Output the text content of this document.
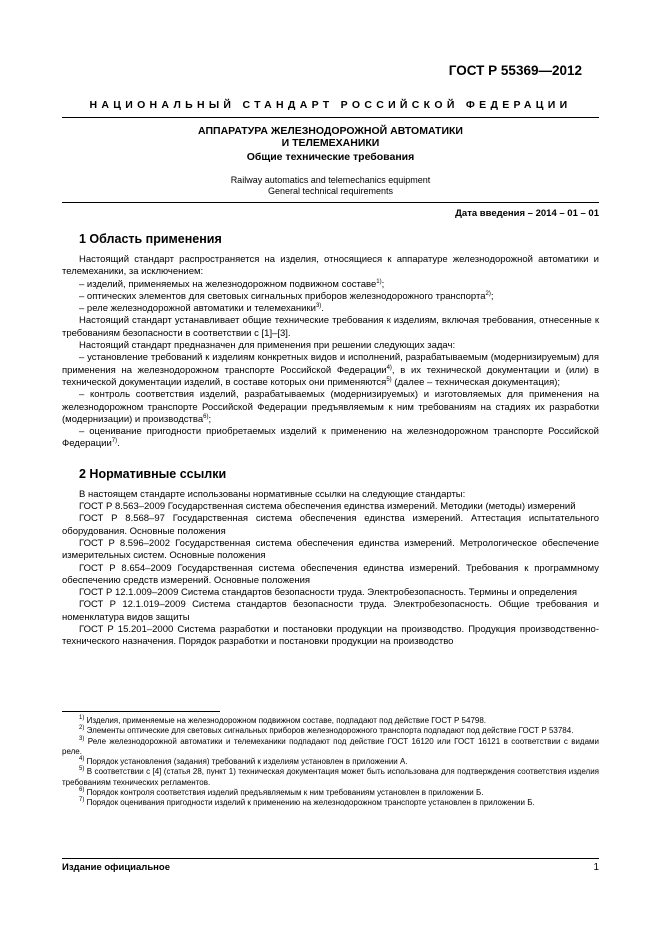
ГОСТ Р 55369—2012
НАЦИОНАЛЬНЫЙ СТАНДАРТ РОССИЙСКОЙ ФЕДЕРАЦИИ
АППАРАТУРА ЖЕЛЕЗНОДОРОЖНОЙ АВТОМАТИКИ
И ТЕЛЕМЕХАНИКИ
Общие технические требования
Railway automatics and telemechanics equipment
General technical requirements
Дата введения – 2014 – 01 – 01
1 Область применения

Настоящий стандарт распространяется на изделия, относящиеся к аппаратуре железнодорожной автоматики и телемеханики, за исключением:

– изделий, применяемых на железнодорожном подвижном составе$^{1)}$;

– оптических элементов для световых сигнальных приборов железнодорожного транспорта$^{2)}$;

– реле железнодорожной автоматики и телемеханики$^{3)}$.

Настоящий стандарт устанавливает общие технические требования к изделиям, включая требования, отнесенные к требованиям безопасности в соответствии с [1]–[3].

Настоящий стандарт предназначен для применения при решении следующих задач:

– установление требований к изделиям конкретных видов и исполнений, разрабатываемым (модернизируемым) для применения на железнодорожном транспорте Российской Федерации$^{4)}$, в их технической документации и (или) в технической документации изделий, в составе которых они применяются$^{5)}$ (далее – техническая документация);

– контроль соответствия изделий, разрабатываемых (модернизируемых) и изготовляемых для применения на железнодорожном транспорте Российской Федерации предъявляемым к ним требованиям на стадиях их разработки (модернизации) и производства$^{6)}$;

– оценивание пригодности приобретаемых изделий к применению на железнодорожном транспорте Российской Федерации$^{7)}$.

2 Нормативные ссылки

В настоящем стандарте использованы нормативные ссылки на следующие стандарты:

ГОСТ Р 8.563–2009 Государственная система обеспечения единства измерений. Методики (методы) измерений

ГОСТ Р 8.568–97 Государственная система обеспечения единства измерений. Аттестация испытательного оборудования. Основные положения

ГОСТ Р 8.596–2002 Государственная система обеспечения единства измерений. Метрологическое обеспечение измерительных систем. Основные положения

ГОСТ Р 8.654–2009 Государственная система обеспечения единства измерений. Требования к программному обеспечению средств измерений. Основные положения

ГОСТ Р 12.1.009–2009 Система стандартов безопасности труда. Электробезопасность. Термины и определения

ГОСТ Р 12.1.019–2009 Система стандартов безопасности труда. Электробезопасность. Общие требования и номенклатура видов защиты

ГОСТ Р 15.201–2000 Система разработки и постановки продукции на производство. Продукция производственно-технического назначения. Порядок разработки и постановки продукции на производство

$^{1)}$ Изделия, применяемые на железнодорожном подвижном составе, подпадают под действие ГОСТ Р 54798.

$^{2)}$ Элементы оптические для световых сигнальных приборов железнодорожного транспорта подпадают под действие ГОСТ Р 53784.

$^{3)}$ Реле железнодорожной автоматики и телемеханики подпадают под действие ГОСТ 16120 или ГОСТ 16121 в соответствии с видами реле.

$^{4)}$ Порядок установления (задания) требований к изделиям установлен в приложении А.

$^{5)}$ В соответствии с [4] (статья 28, пункт 1) техническая документация может быть использована для подтверждения соответствия изделия требованиям технических регламентов.

$^{6)}$ Порядок контроля соответствия изделий предъявляемым к ним требованиям установлен в приложении Б.

$^{7)}$ Порядок оценивания пригодности изделий к применению на железнодорожном транспорте установлен в приложении Б.

Издание официальное	1
